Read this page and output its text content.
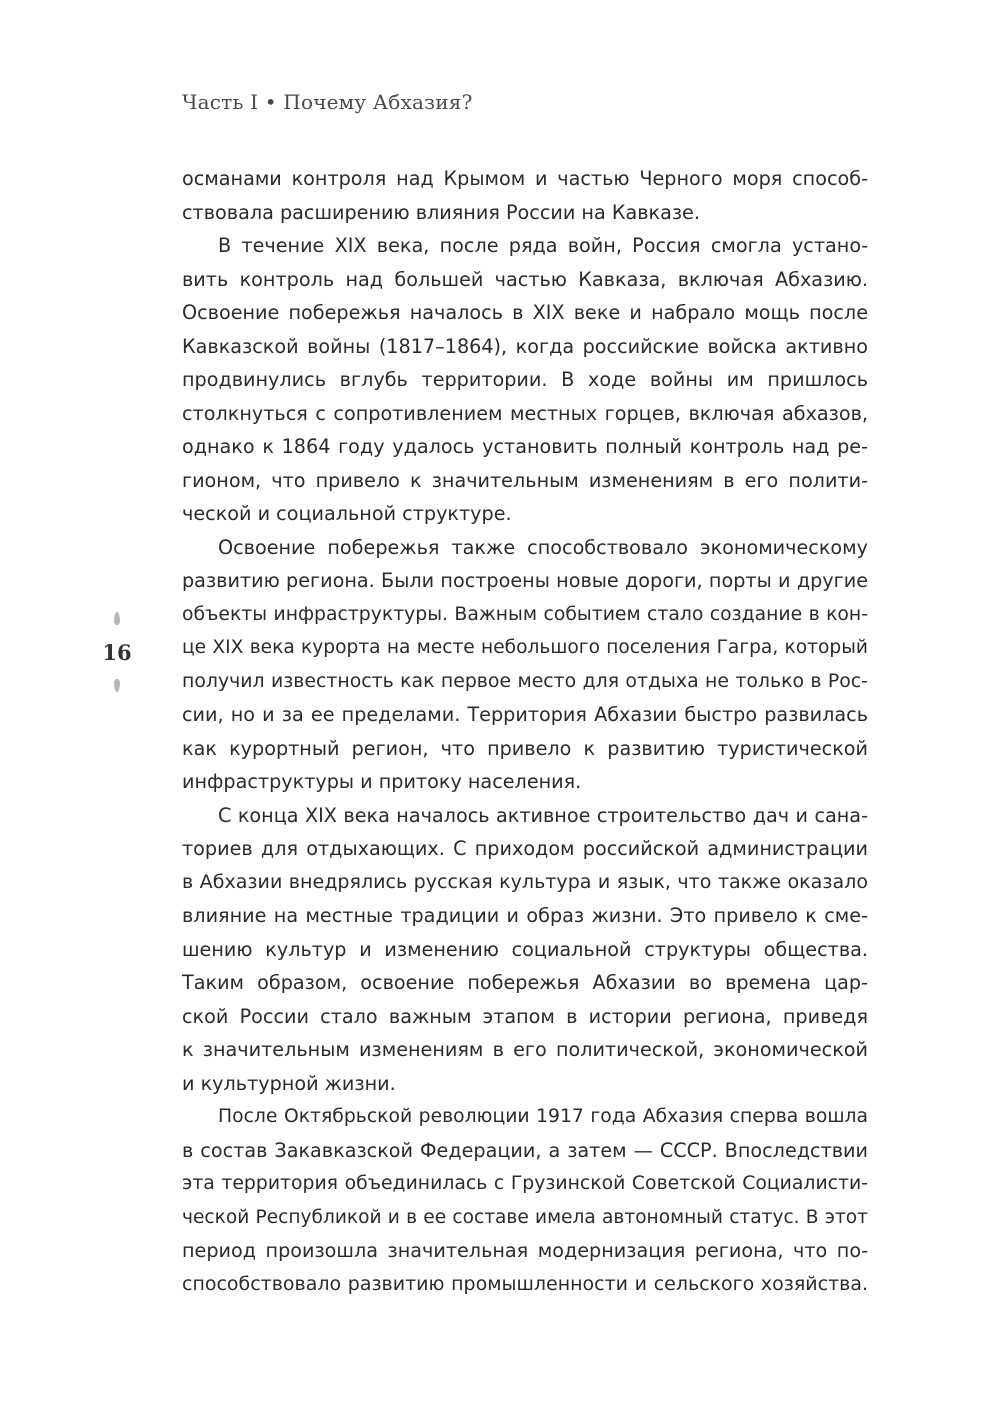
Часть I • Почему Абхазия?
16
османами контроля над Крымом и частью Черного моря способ-
ствовала расширению влияния России на Кавказе.
В течение XIX века, после ряда войн, Россия смогла устано-
вить контроль над большей частью Кавказа, включая Абхазию.
Освоение побережья началось в XIX веке и набрало мощь после
Кавказской войны (1817–1864), когда российские войска активно
продвинулись вглубь территории. В ходе войны им пришлось
столкнуться с сопротивлением местных горцев, включая абхазов,
однако к 1864 году удалось установить полный контроль над ре-
гионом, что привело к значительным изменениям в его полити-
ческой и социальной структуре.
Освоение побережья также способствовало экономическому
развитию региона. Были построены новые дороги, порты и другие
объекты инфраструктуры. Важным событием стало создание в кон-
це XIX века курорта на месте небольшого поселения Гагра, который
получил известность как первое место для отдыха не только в Рос-
сии, но и за ее пределами. Территория Абхазии быстро развилась
как курортный регион, что привело к развитию туристической
инфраструктуры и притоку населения.
С конца XIX века началось активное строительство дач и сана-
ториев для отдыхающих. С приходом российской администрации
в Абхазии внедрялись русская культура и язык, что также оказало
влияние на местные традиции и образ жизни. Это привело к сме-
шению культур и изменению социальной структуры общества.
Таким образом, освоение побережья Абхазии во времена цар-
ской России стало важным этапом в истории региона, приведя
к значительным изменениям в его политической, экономической
и культурной жизни.
После Октябрьской революции 1917 года Абхазия сперва вошла
в состав Закавказской Федерации, а затем — СССР. Впоследствии
эта территория объединилась с Грузинской Советской Социалисти-
ческой Республикой и в ее составе имела автономный статус. В этот
период произошла значительная модернизация региона, что по-
способствовало развитию промышленности и сельского хозяйства.
